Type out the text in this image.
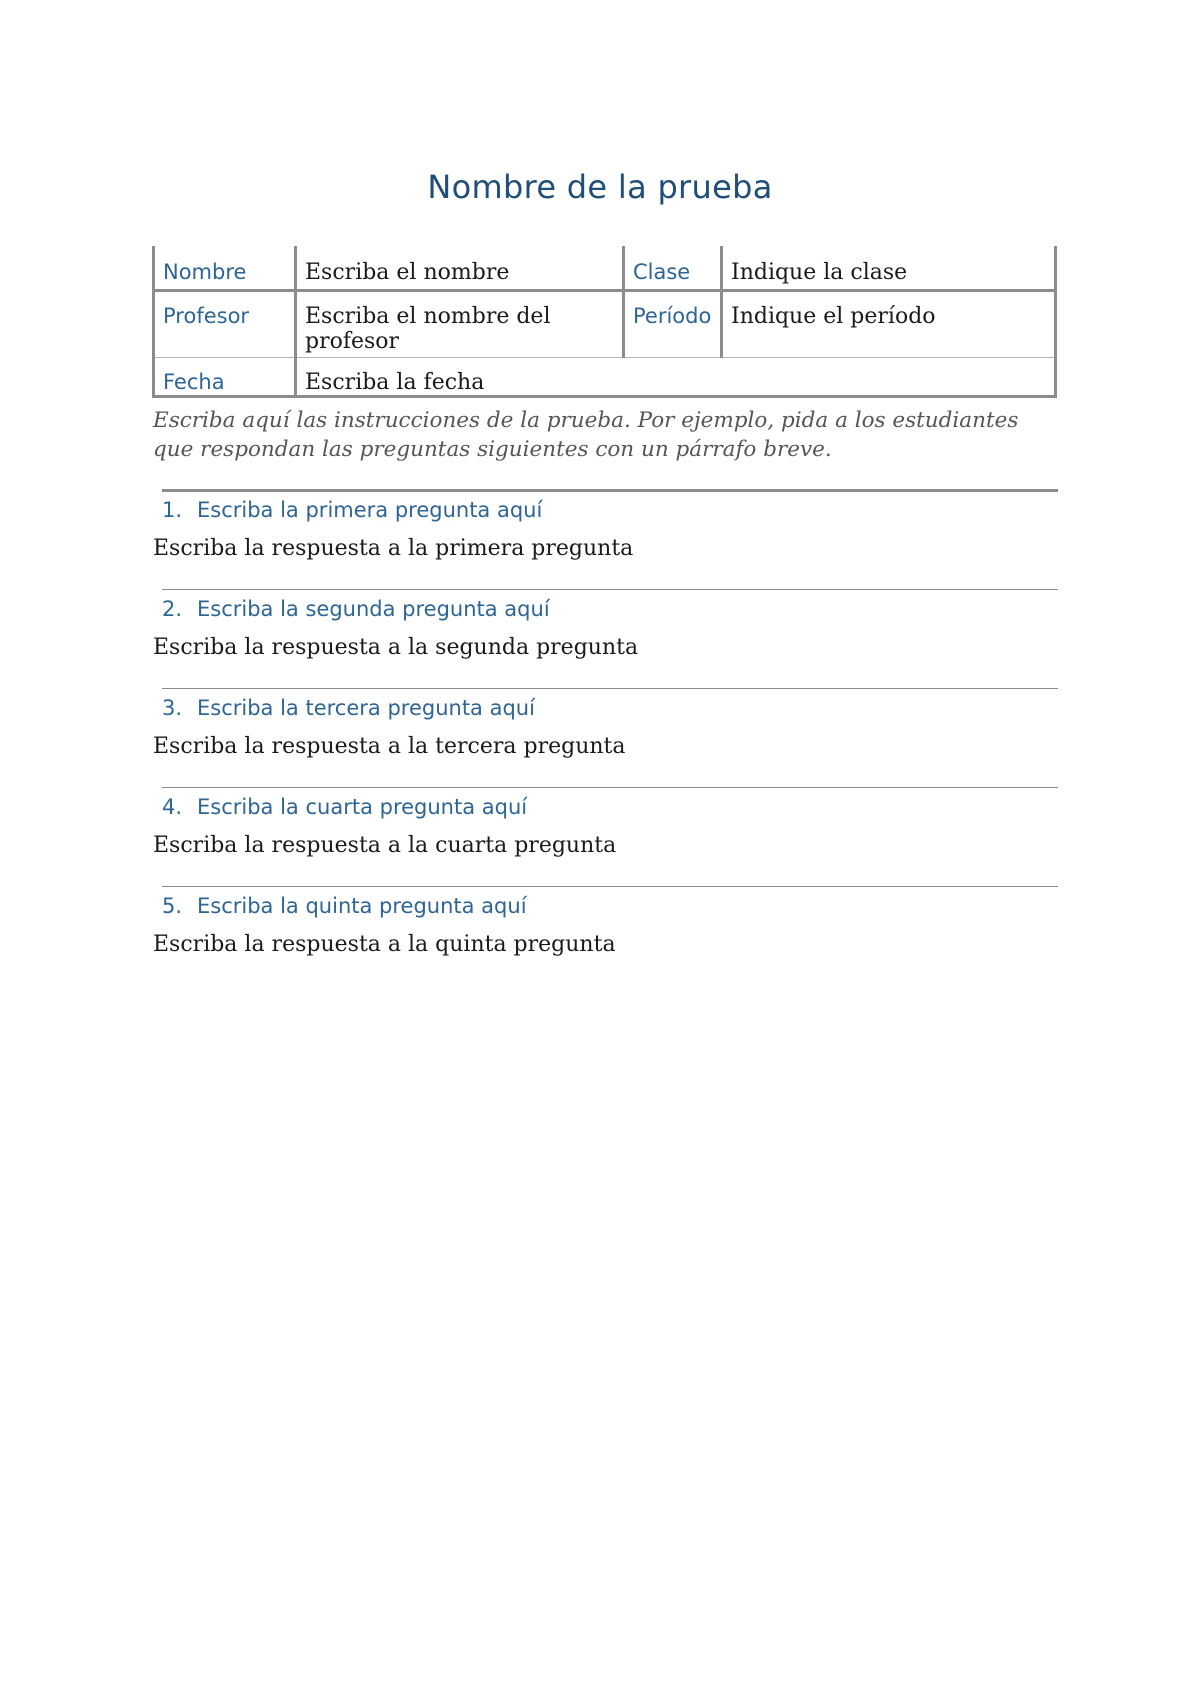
Nombre de la prueba
Nombre	Escriba el nombre	Clase	Indique la clase
Profesor	Escriba el nombre del profesor	Período	Indique el período
Fecha	Escriba la fecha		
Escriba aquí las instrucciones de la prueba. Por ejemplo, pida a los estudiantes que respondan las preguntas siguientes con un párrafo breve.
1. Escriba la primera pregunta aquí
Escriba la respuesta a la primera pregunta
2. Escriba la segunda pregunta aquí
Escriba la respuesta a la segunda pregunta
3. Escriba la tercera pregunta aquí
Escriba la respuesta a la tercera pregunta
4. Escriba la cuarta pregunta aquí
Escriba la respuesta a la cuarta pregunta
5. Escriba la quinta pregunta aquí
Escriba la respuesta a la quinta pregunta
